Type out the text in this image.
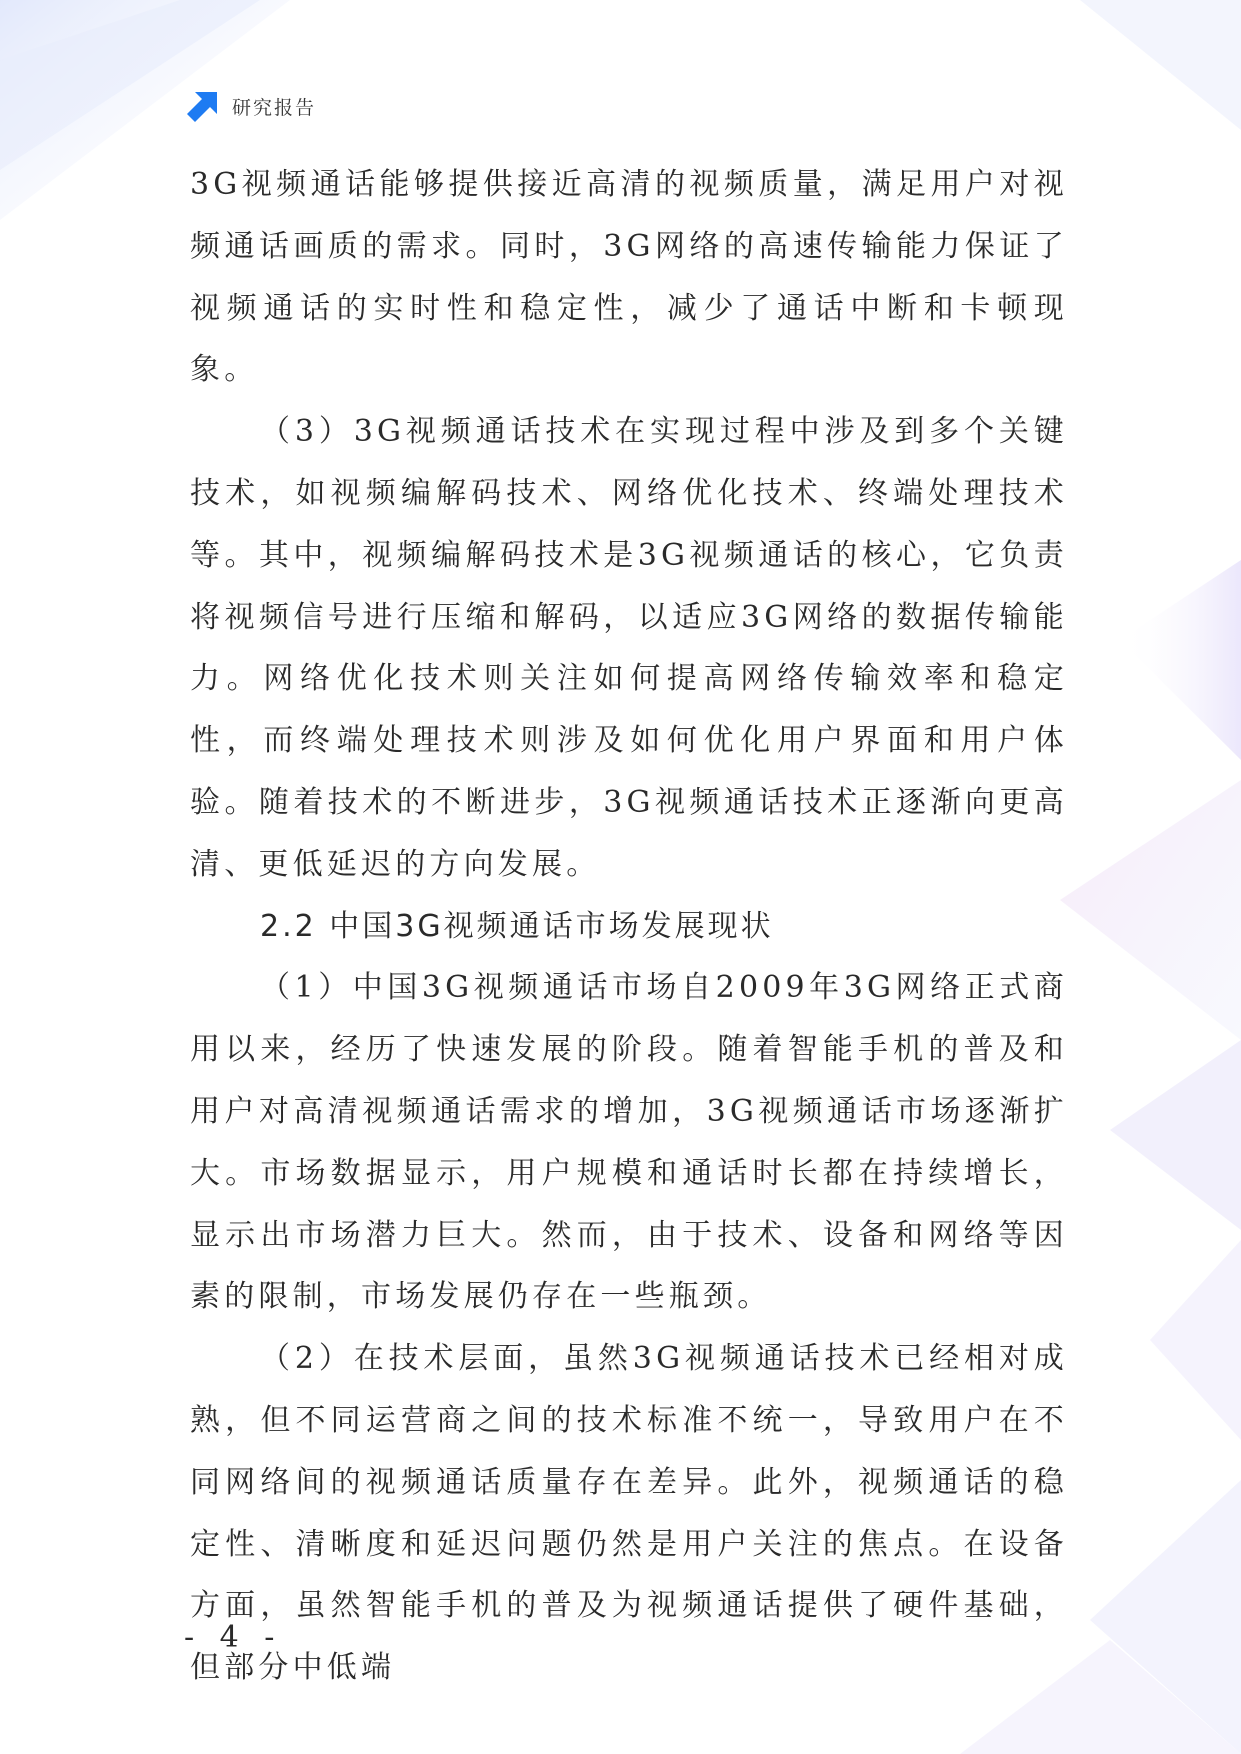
研究报告

3G视频通话能够提供接近高清的视频质量，满足用户对视频通话画质的需求。同时，3G网络的高速传输能力保证了视频通话的实时性和稳定性，减少了通话中断和卡顿现象。

（3）3G视频通话技术在实现过程中涉及到多个关键技术，如视频编解码技术、网络优化技术、终端处理技术等。其中，视频编解码技术是3G视频通话的核心，它负责将视频信号进行压缩和解码，以适应3G网络的数据传输能力。网络优化技术则关注如何提高网络传输效率和稳定性，而终端处理技术则涉及如何优化用户界面和用户体验。随着技术的不断进步，3G视频通话技术正逐渐向更高清、更低延迟的方向发展。

2.2 中国3G视频通话市场发展现状

（1）中国3G视频通话市场自2009年3G网络正式商用以来，经历了快速发展的阶段。随着智能手机的普及和用户对高清视频通话需求的增加，3G视频通话市场逐渐扩大。市场数据显示，用户规模和通话时长都在持续增长，显示出市场潜力巨大。然而，由于技术、设备和网络等因素的限制，市场发展仍存在一些瓶颈。

（2）在技术层面，虽然3G视频通话技术已经相对成熟，但不同运营商之间的技术标准不统一，导致用户在不同网络间的视频通话质量存在差异。此外，视频通话的稳定性、清晰度和延迟问题仍然是用户关注的焦点。在设备方面，虽然智能手机的普及为视频通话提供了硬件基础，但部分中低端

- 4 -
